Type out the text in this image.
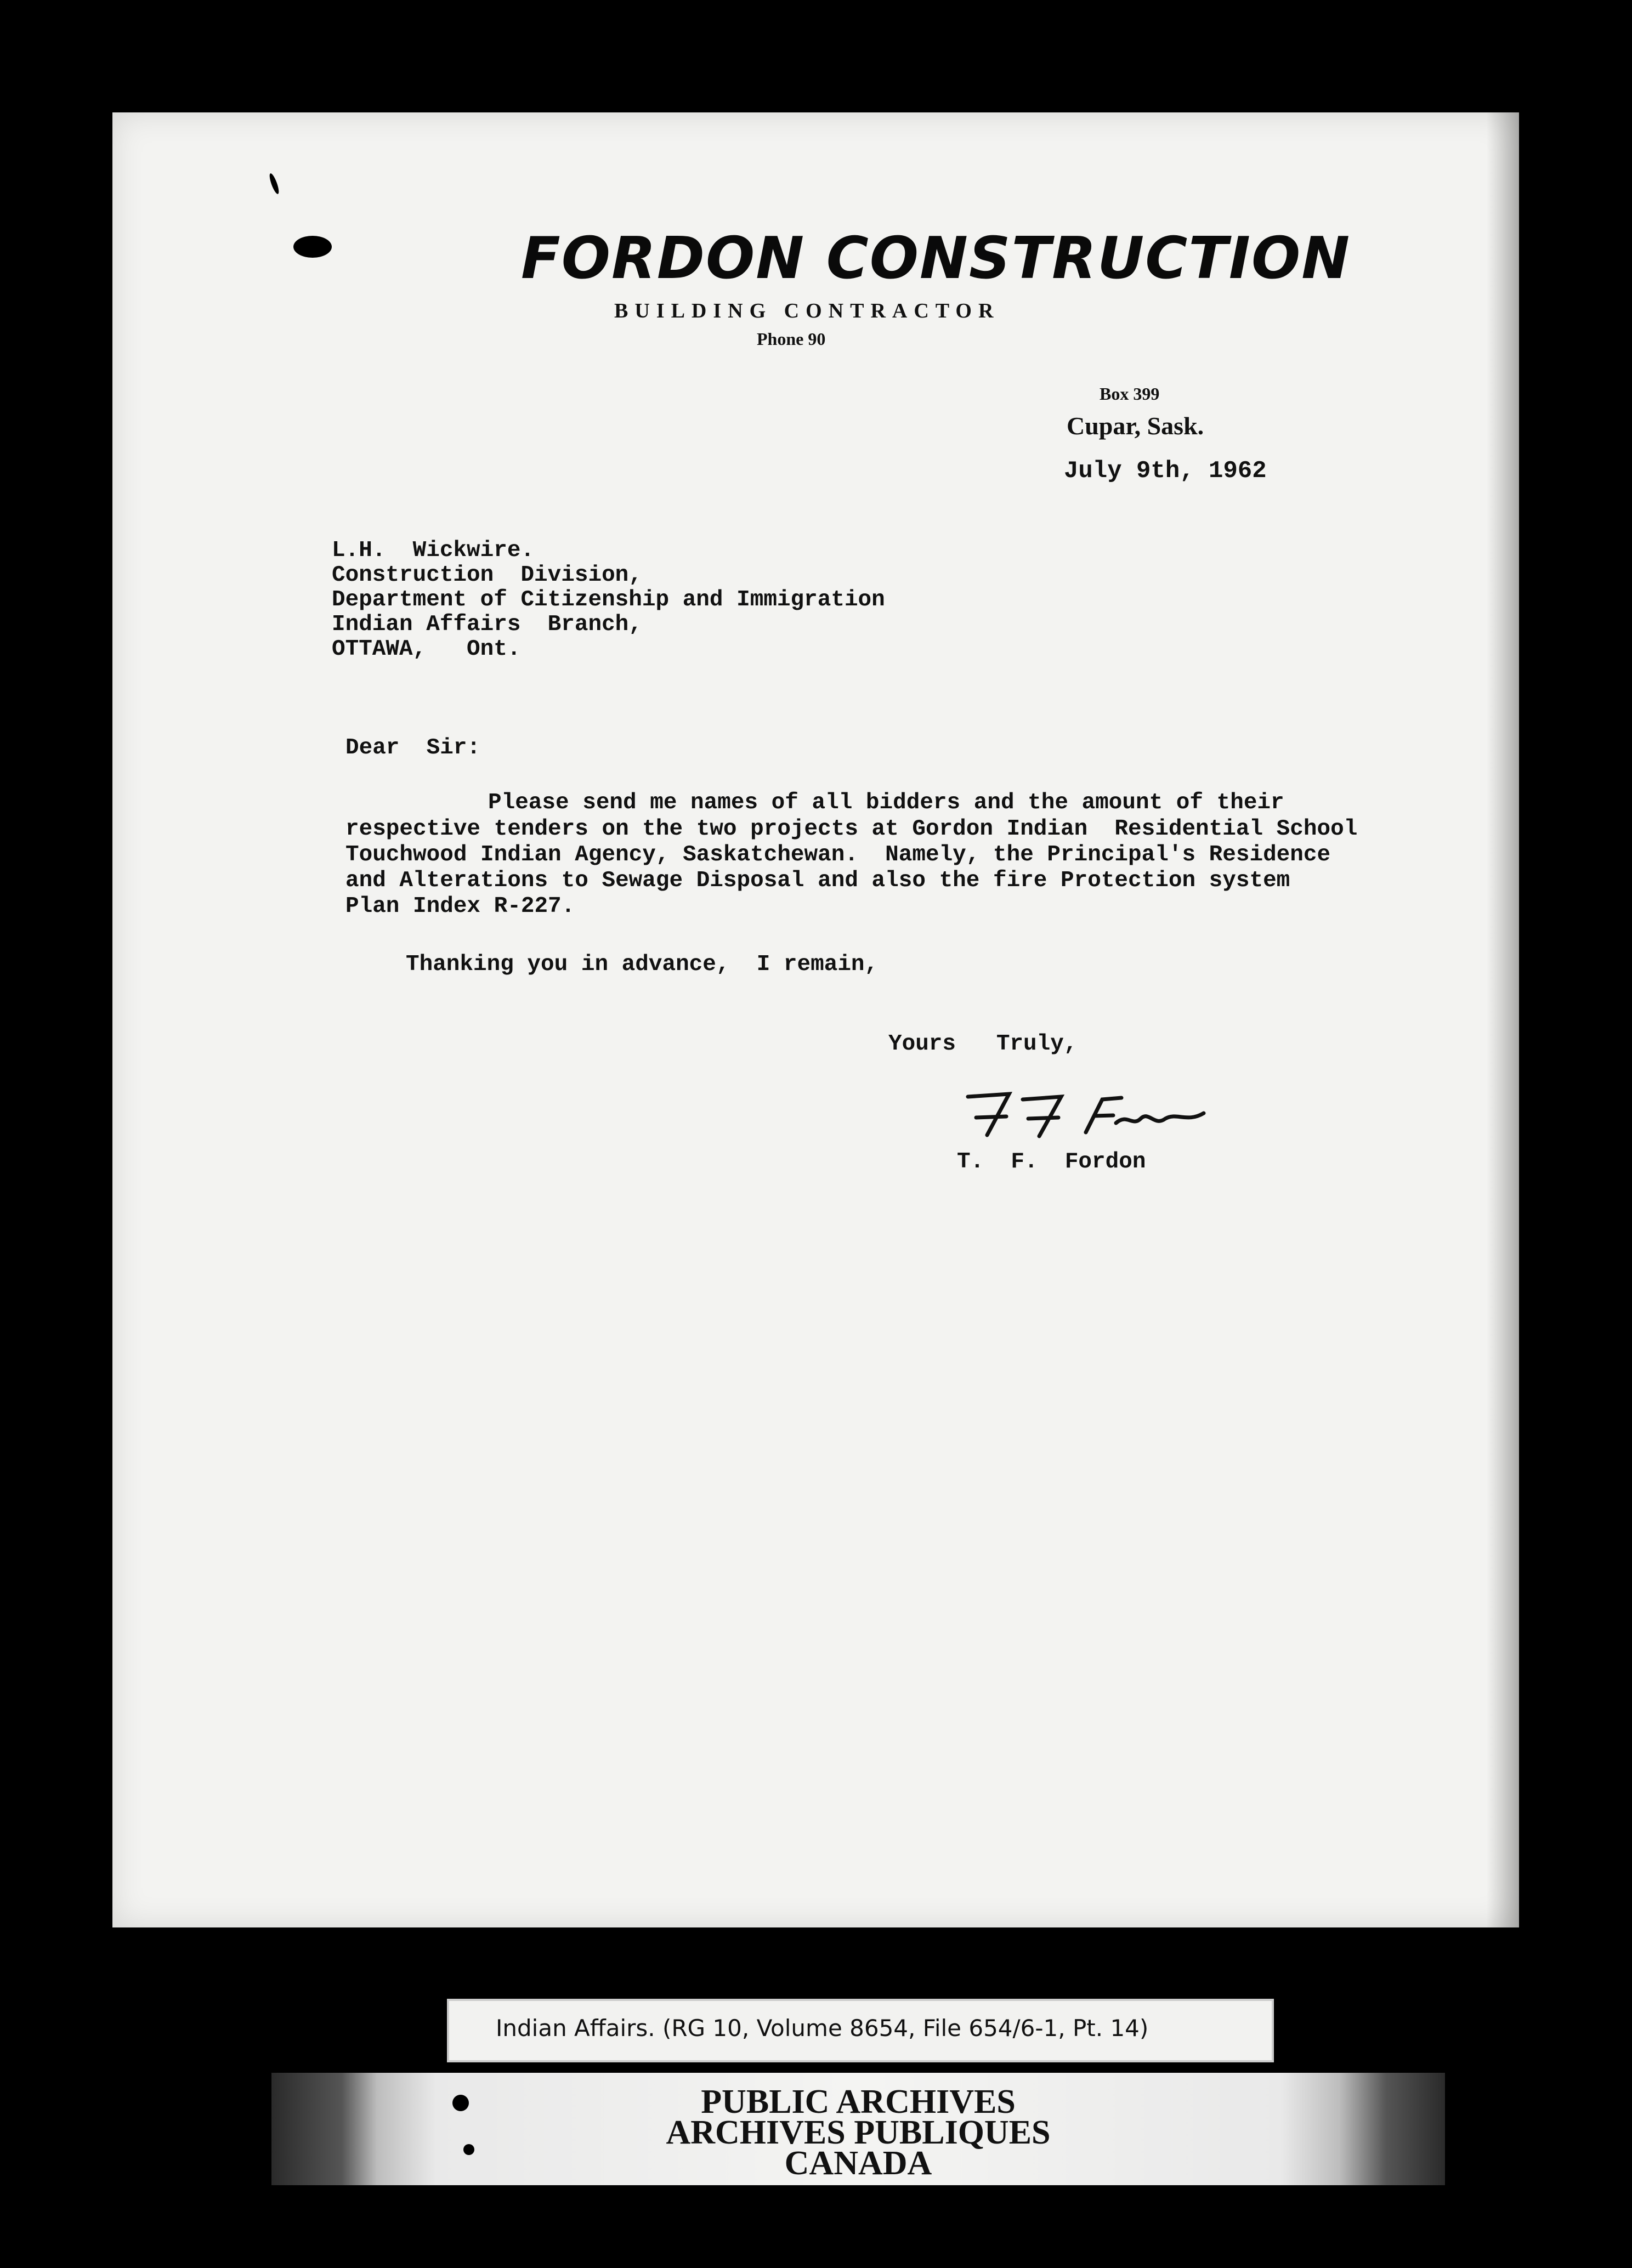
FORDON CONSTRUCTION
BUILDING CONTRACTOR
Phone 90
Box 399
Cupar, Sask.
July 9th, 1962
L.H.  Wickwire.
Construction  Division,
Department of Citizenship and Immigration
Indian Affairs  Branch,
OTTAWA,   Ont.
Dear  Sir:
Please send me names of all bidders and the amount of their
respective tenders on the two projects at Gordon Indian  Residential School
Touchwood Indian Agency, Saskatchewan.  Namely, the Principal's Residence
and Alterations to Sewage Disposal and also the fire Protection system
Plan Index R-227.
Thanking you in advance,  I remain,
Yours   Truly,
T.  F.  Fordon
Indian Affairs. (RG 10, Volume 8654, File 654/6-1, Pt. 14)
PUBLIC ARCHIVES
ARCHIVES PUBLIQUES
CANADA
